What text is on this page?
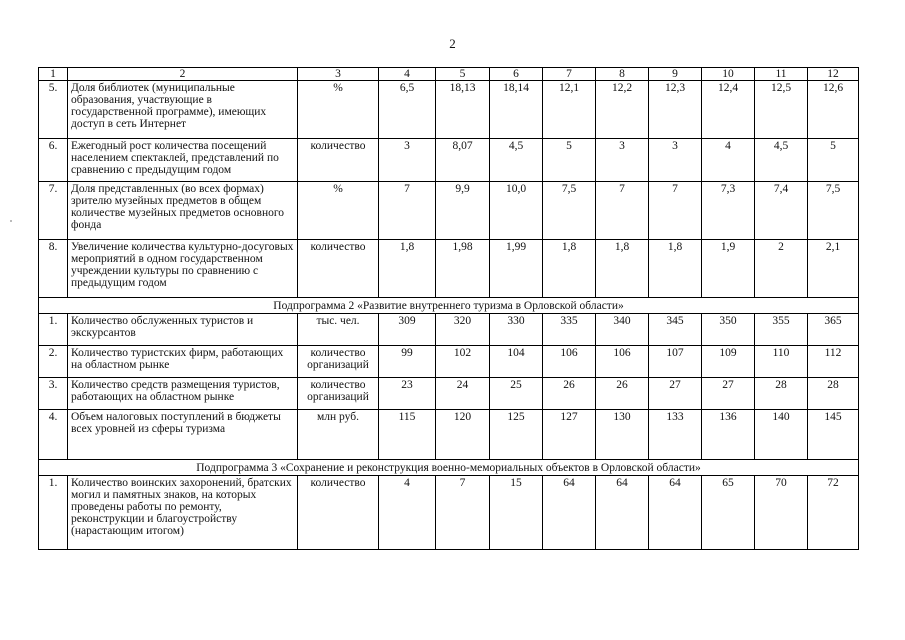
2
1	2	3	4	5	6	7	8	9	10	11	12
5.	Доля библиотек (муниципальные образования, участвующие в государственной программе), имеющих доступ в сеть Интернет	%	6,5	18,13	18,14	12,1	12,2	12,3	12,4	12,5	12,6
6.	Ежегодный рост количества посещений населением спектаклей, представлений по сравнению с предыдущим годом	количество	3	8,07	4,5	5	3	3	4	4,5	5
7.	Доля представленных (во всех формах) зрителю музейных предметов в общем количестве музейных предметов основного фонда	%	7	9,9	10,0	7,5	7	7	7,3	7,4	7,5
8.	Увеличение количества культурно-досуговых мероприятий в одном государственном учреждении культуры по сравнению с предыдущим годом	количество	1,8	1,98	1,99	1,8	1,8	1,8	1,9	2	2,1
Подпрограмма 2 «Развитие внутреннего туризма в Орловской области»											
1.	Количество обслуженных туристов и экскурсантов	тыс. чел.	309	320	330	335	340	345	350	355	365
2.	Количество туристских фирм, работающих на областном рынке	количество организаций	99	102	104	106	106	107	109	110	112
3.	Количество средств размещения туристов, работающих на областном рынке	количество организаций	23	24	25	26	26	27	27	28	28
4.	Объем налоговых поступлений в бюджеты всех уровней из сферы туризма	млн руб.	115	120	125	127	130	133	136	140	145
Подпрограмма 3 «Сохранение и реконструкция военно-мемориальных объектов в Орловской области»											
1.	Количество воинских захоронений, братских могил и памятных знаков, на которых проведены работы по ремонту, реконструкции и благоустройству (нарастающим итогом)	количество	4	7	15	64	64	64	65	70	72
